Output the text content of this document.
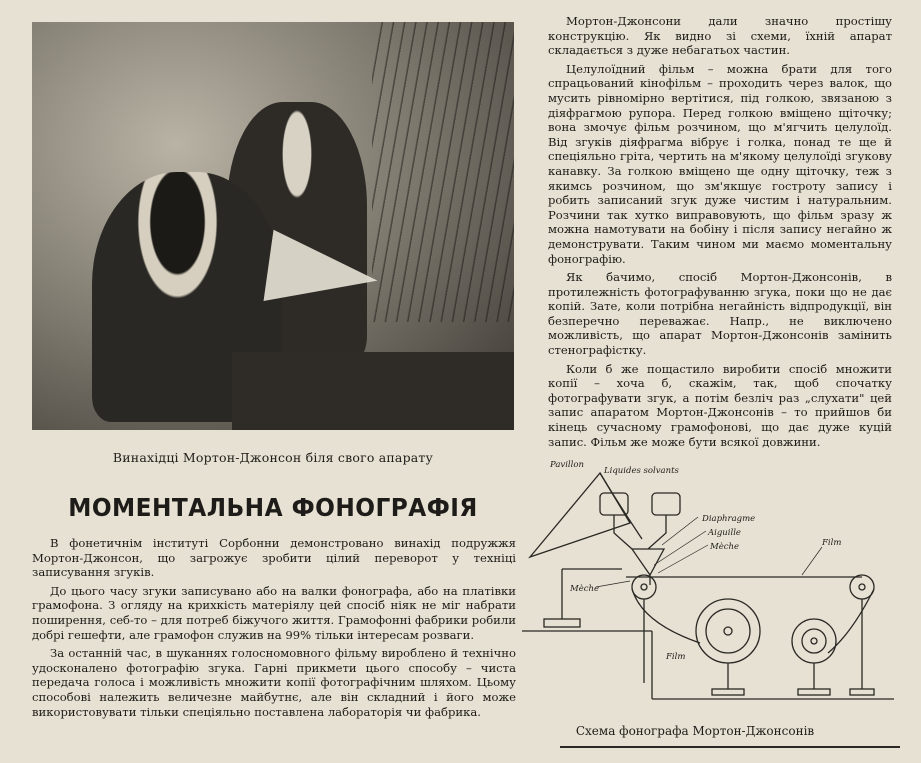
Винахідці Мортон-Джонсон біля свого апарату
МОМЕНТАЛЬНА ФОНОГРАФІЯ

В фонетичнім інституті Сорбонни демонстровано винахід подружжя Мортон-Джонсон, що загрожує зробити цілий переворот у техніці записування згуків.

До цього часу згуки записувано або на валки фонографа, або на платівки грамофона. З огляду на крихкість матеріялу цей спосіб ніяк не міг набрати поширення, себ-то – для потреб біжучого життя. Грамофонні фабрики робили добрі гешефти, але грамофон служив на 99% тільки інтересам розваги.

За останній час, в шуканнях голосномовного фільму вироблено й технічно удосконалено фотографію згука. Гарні прикмети цього способу – чиста передача голоса і можливість множити копії фотографічним шляхом. Цьому способові належить величезне майбутнє, але він складний і його може використовувати тільки спеціяльно поставлена лабораторія чи фабрика.

Мортон-Джонсони дали значно простішу конструкцію. Як видно зі схеми, їхній апарат складається з дуже небагатьох частин.

Целулоїдний фільм – можна брати для того спрацьований кінофільм – проходить через валок, що мусить рівномірно вертітися, під голкою, звязаною з діяфрагмою рупора. Перед голкою вміщено щіточку; вона змочує фільм розчином, що м'ягчить целулоїд. Від згуків діяфрагма вібрує і голка, понад те ще й спеціяльно гріта, чертить на м'якому целулоїді згукову канавку. За голкою вміщено ще одну щіточку, теж з якимсь розчином, що зм'якшує гостроту запису і робить записаний згук дуже чистим і натуральним. Розчини так хутко виправовують, що фільм зразу ж можна намотувати на бобіну і після запису негайно ж демонструвати. Таким чином ми маємо моментальну фонографію.

Як бачимо, спосіб Мортон-Джонсонів, в протилежність фотографуванню згука, поки що не дає копій. Зате, коли потрібна негайність відпродукції, він безперечно переважає. Напр., не виключено можливість, що апарат Мортон-Джонсонів замінить стенографістку.

Коли б же пощастило виробити спосіб множити копії – хоча б, скажім, так, щоб спочатку фотографувати згук, а потім безліч раз „слухати" цей запис апаратом Мортон-Джонсонів – то прийшов би кінець сучасному грамофонові, що дає дуже куцій запис. Фільм же може бути всякої довжини.

Pavillon
Liquides solvants
Diaphragme
Aiguille
Mèche	Film
Mèche
Film
Схема фонографа Мортон-Джонсонів
